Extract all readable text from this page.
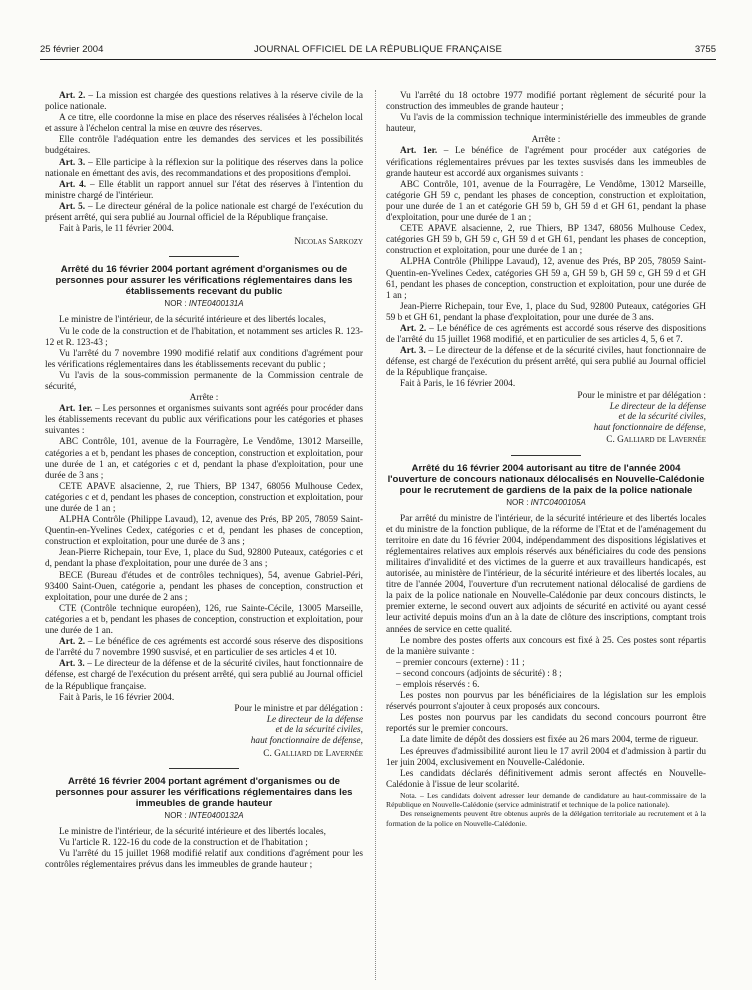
25 février 2004	JOURNAL OFFICIEL DE LA RÉPUBLIQUE FRANÇAISE	3755

Art. 2. – La mission est chargée des questions relatives à la réserve civile de la police nationale.

A ce titre, elle coordonne la mise en place des réserves réalisées à l'échelon local et assure à l'échelon central la mise en œuvre des réserves.

Elle contrôle l'adéquation entre les demandes des services et les possibilités budgétaires.

Art. 3. – Elle participe à la réflexion sur la politique des réserves dans la police nationale en émettant des avis, des recommandations et des propositions d'emploi.

Art. 4. – Elle établit un rapport annuel sur l'état des réserves à l'intention du ministre chargé de l'intérieur.

Art. 5. – Le directeur général de la police nationale est chargé de l'exécution du présent arrêté, qui sera publié au Journal officiel de la République française.

Fait à Paris, le 11 février 2004.

Nicolas Sarkozy

Arrêté du 16 février 2004 portant agrément d'organismes ou de personnes pour assurer les vérifications réglementaires dans les établissements recevant du public

NOR : INTE0400131A

Le ministre de l'intérieur, de la sécurité intérieure et des libertés locales,

Vu le code de la construction et de l'habitation, et notamment ses articles R. 123-12 et R. 123-43 ;

Vu l'arrêté du 7 novembre 1990 modifié relatif aux conditions d'agrément pour les vérifications réglementaires dans les établissements recevant du public ;

Vu l'avis de la sous-commission permanente de la Commission centrale de sécurité,

Arrête :

Art. 1er. – Les personnes et organismes suivants sont agréés pour procéder dans les établissements recevant du public aux vérifications pour les catégories et phases suivantes :

ABC Contrôle, 101, avenue de la Fourragère, Le Vendôme, 13012 Marseille, catégories a et b, pendant les phases de conception, construction et exploitation, pour une durée de 1 an, et catégories c et d, pendant la phase d'exploitation, pour une durée de 3 ans ;

CETE APAVE alsacienne, 2, rue Thiers, BP 1347, 68056 Mulhouse Cedex, catégories c et d, pendant les phases de conception, construction et exploitation, pour une durée de 1 an ;

ALPHA Contrôle (Philippe Lavaud), 12, avenue des Prés, BP 205, 78059 Saint-Quentin-en-Yvelines Cedex, catégories c et d, pendant les phases de conception, construction et exploitation, pour une durée de 3 ans ;

Jean-Pierre Richepain, tour Eve, 1, place du Sud, 92800 Puteaux, catégories c et d, pendant la phase d'exploitation, pour une durée de 3 ans ;

BECE (Bureau d'études et de contrôles techniques), 54, avenue Gabriel-Péri, 93400 Saint-Ouen, catégorie a, pendant les phases de conception, construction et exploitation, pour une durée de 2 ans ;

CTE (Contrôle technique européen), 126, rue Sainte-Cécile, 13005 Marseille, catégories a et b, pendant les phases de conception, construction et exploitation, pour une durée de 1 an.

Art. 2. – Le bénéfice de ces agréments est accordé sous réserve des dispositions de l'arrêté du 7 novembre 1990 susvisé, et en particulier de ses articles 4 et 10.

Art. 3. – Le directeur de la défense et de la sécurité civiles, haut fonctionnaire de défense, est chargé de l'exécution du présent arrêté, qui sera publié au Journal officiel de la République française.

Fait à Paris, le 16 février 2004.

Pour le ministre et par délégation :

Le directeur de la défense
et de la sécurité civiles,
haut fonctionnaire de défense,
C. Galliard de Lavernée

Arrêté 16 février 2004 portant agrément d'organismes ou de personnes pour assurer les vérifications réglementaires dans les immeubles de grande hauteur

NOR : INTE0400132A

Le ministre de l'intérieur, de la sécurité intérieure et des libertés locales,

Vu l'article R. 122-16 du code de la construction et de l'habitation ;

Vu l'arrêté du 15 juillet 1968 modifié relatif aux conditions d'agrément pour les contrôles réglementaires prévus dans les immeubles de grande hauteur ;

Vu l'arrêté du 18 octobre 1977 modifié portant règlement de sécurité pour la construction des immeubles de grande hauteur ;

Vu l'avis de la commission technique interministérielle des immeubles de grande hauteur,

Arrête :

Art. 1er. – Le bénéfice de l'agrément pour procéder aux catégories de vérifications réglementaires prévues par les textes susvisés dans les immeubles de grande hauteur est accordé aux organismes suivants :

ABC Contrôle, 101, avenue de la Fourragère, Le Vendôme, 13012 Marseille, catégorie GH 59 c, pendant les phases de conception, construction et exploitation, pour une durée de 1 an et catégorie GH 59 b, GH 59 d et GH 61, pendant la phase d'exploitation, pour une durée de 1 an ;

CETE APAVE alsacienne, 2, rue Thiers, BP 1347, 68056 Mulhouse Cedex, catégories GH 59 b, GH 59 c, GH 59 d et GH 61, pendant les phases de conception, construction et exploitation, pour une durée de 1 an ;

ALPHA Contrôle (Philippe Lavaud), 12, avenue des Prés, BP 205, 78059 Saint-Quentin-en-Yvelines Cedex, catégories GH 59 a, GH 59 b, GH 59 c, GH 59 d et GH 61, pendant les phases de conception, construction et exploitation, pour une durée de 1 an ;

Jean-Pierre Richepain, tour Eve, 1, place du Sud, 92800 Puteaux, catégories GH 59 b et GH 61, pendant la phase d'exploitation, pour une durée de 3 ans.

Art. 2. – Le bénéfice de ces agréments est accordé sous réserve des dispositions de l'arrêté du 15 juillet 1968 modifié, et en particulier de ses articles 4, 5, 6 et 7.

Art. 3. – Le directeur de la défense et de la sécurité civiles, haut fonctionnaire de défense, est chargé de l'exécution du présent arrêté, qui sera publié au Journal officiel de la République française.

Fait à Paris, le 16 février 2004.

Pour le ministre et par délégation :

Le directeur de la défense
et de la sécurité civiles,
haut fonctionnaire de défense,
C. Galliard de Lavernée

Arrêté du 16 février 2004 autorisant au titre de l'année 2004 l'ouverture de concours nationaux délocalisés en Nouvelle-Calédonie pour le recrutement de gardiens de la paix de la police nationale

NOR : INTC0400105A

Par arrêté du ministre de l'intérieur, de la sécurité intérieure et des libertés locales et du ministre de la fonction publique, de la réforme de l'Etat et de l'aménagement du territoire en date du 16 février 2004, indépendamment des dispositions législatives et réglementaires relatives aux emplois réservés aux bénéficiaires du code des pensions militaires d'invalidité et des victimes de la guerre et aux travailleurs handicapés, est autorisée, au ministère de l'intérieur, de la sécurité intérieure et des libertés locales, au titre de l'année 2004, l'ouverture d'un recrutement national délocalisé de gardiens de la paix de la police nationale en Nouvelle-Calédonie par deux concours distincts, le premier externe, le second ouvert aux adjoints de sécurité en activité ou ayant cessé leur activité depuis moins d'un an à la date de clôture des inscriptions, comptant trois années de service en cette qualité.

Le nombre des postes offerts aux concours est fixé à 25. Ces postes sont répartis de la manière suivante :

– premier concours (externe) : 11 ;

– second concours (adjoints de sécurité) : 8 ;

– emplois réservés : 6.

Les postes non pourvus par les bénéficiaires de la législation sur les emplois réservés pourront s'ajouter à ceux proposés aux concours.

Les postes non pourvus par les candidats du second concours pourront être reportés sur le premier concours.

La date limite de dépôt des dossiers est fixée au 26 mars 2004, terme de rigueur.

Les épreuves d'admissibilité auront lieu le 17 avril 2004 et d'admission à partir du 1er juin 2004, exclusivement en Nouvelle-Calédonie.

Les candidats déclarés définitivement admis seront affectés en Nouvelle-Calédonie à l'issue de leur scolarité.

Nota. – Les candidats doivent adresser leur demande de candidature au haut-commissaire de la République en Nouvelle-Calédonie (service administratif et technique de la police nationale).

Des renseignements peuvent être obtenus auprès de la délégation territoriale au recrutement et à la formation de la police en Nouvelle-Calédonie.
